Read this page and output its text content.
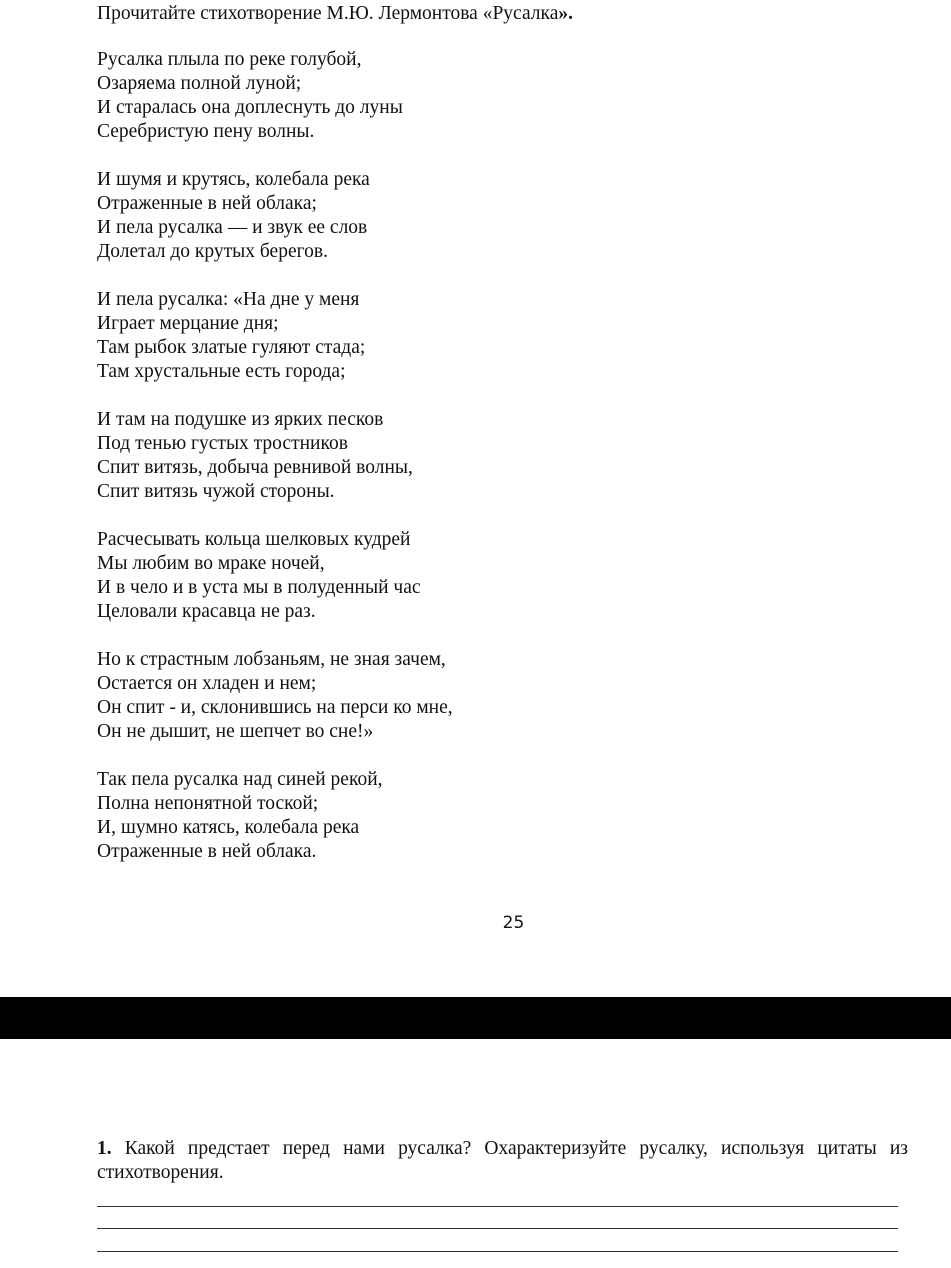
Прочитайте стихотворение М.Ю. Лермонтова «Русалка».
Русалка плыла по реке голубой,
Озаряема полной луной;
И старалась она доплеснуть до луны
Серебристую пену волны.
И шумя и крутясь, колебала река
Отраженные в ней облака;
И пела русалка — и звук ее слов
Долетал до крутых берегов.
И пела русалка: «На дне у меня
Играет мерцание дня;
Там рыбок златые гуляют стада;
Там хрустальные есть города;
И там на подушке из ярких песков
Под тенью густых тростников
Спит витязь, добыча ревнивой волны,
Спит витязь чужой стороны.
Расчесывать кольца шелковых кудрей
Мы любим во мраке ночей,
И в чело и в уста мы в полуденный час
Целовали красавца не раз.
Но к страстным лобзаньям, не зная зачем,
Остается он хладен и нем;
Он спит - и, склонившись на перси ко мне,
Он не дышит, не шепчет во сне!»
Так пела русалка над синей рекой,
Полна непонятной тоской;
И, шумно катясь, колебала река
Отраженные в ней облака.
25
1. Какой предстает перед нами русалка? Охарактеризуйте русалку, используя цитаты из стихотворения.
